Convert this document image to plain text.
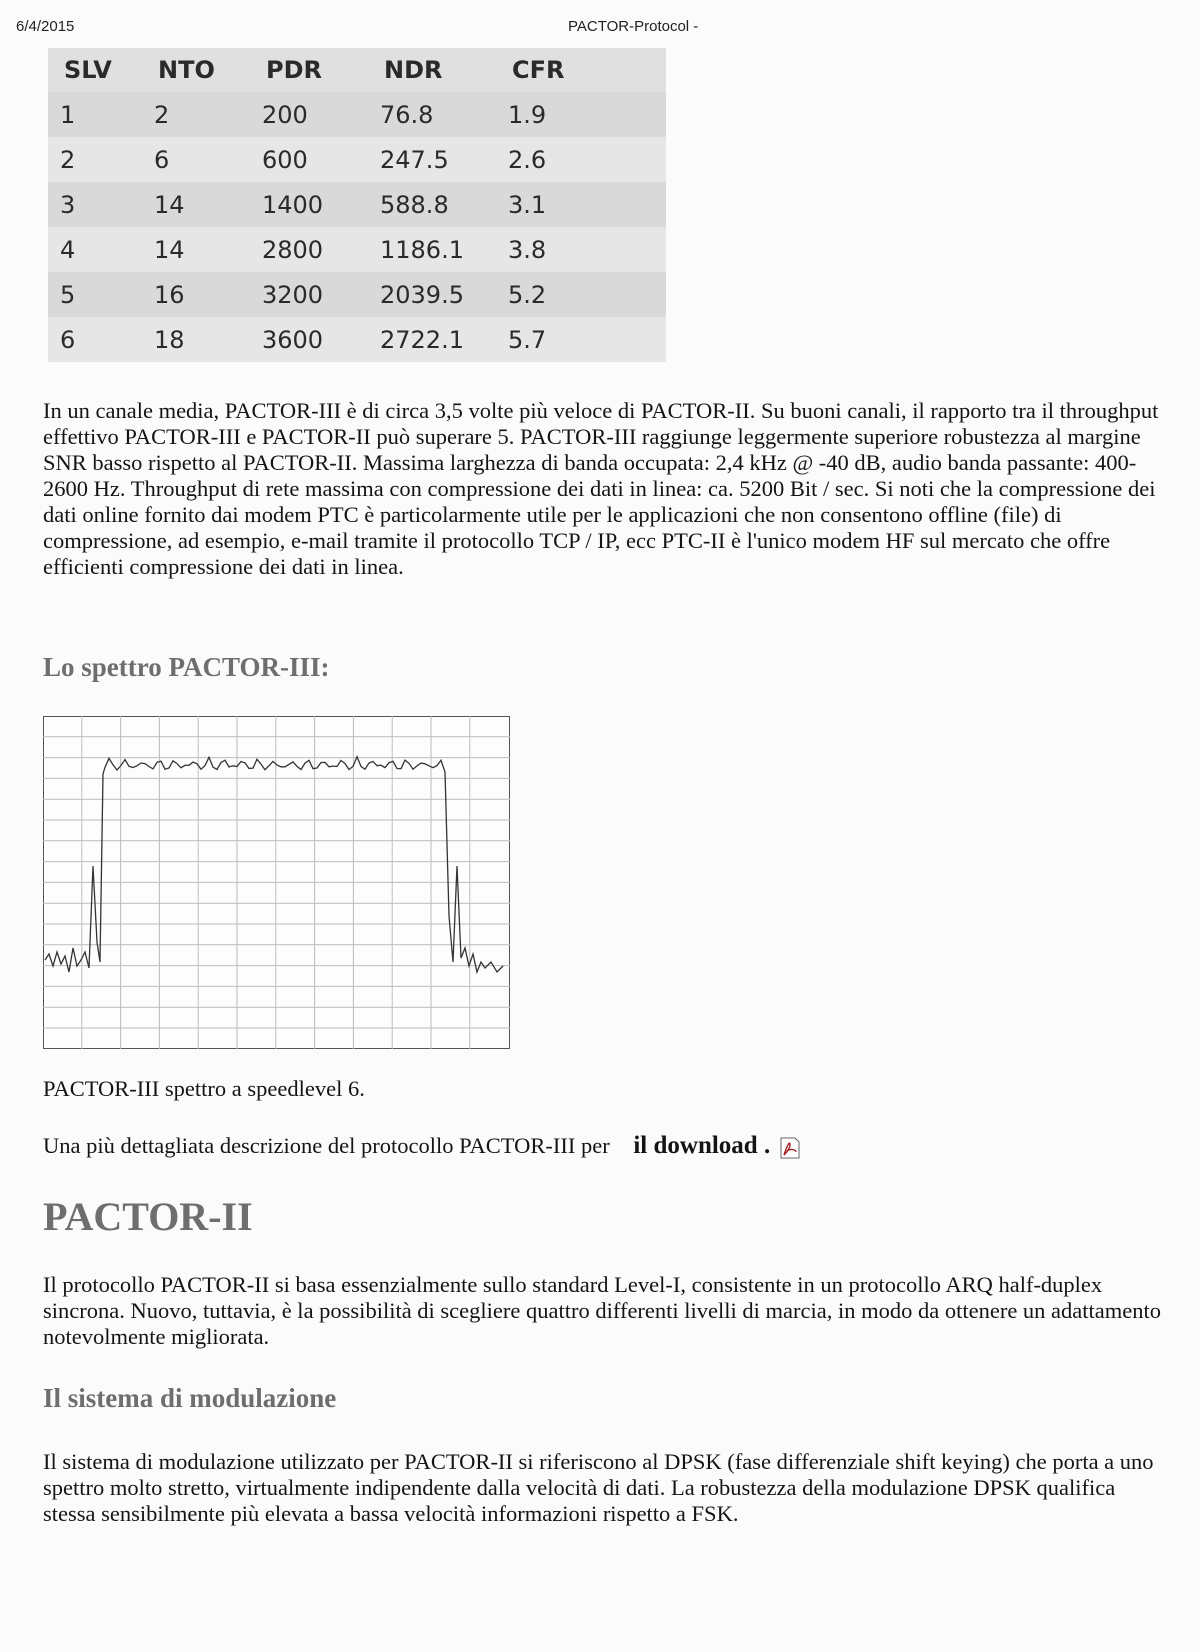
6/4/2015	PACTOR-Protocol -
SLV	NTO	PDR	NDR	CFR
1	2	200	76.8	1.9
2	6	600	247.5	2.6
3	14	1400	588.8	3.1
4	14	2800	1186.1	3.8
5	16	3200	2039.5	5.2
6	18	3600	2722.1	5.7

In un canale media, PACTOR-III è di circa 3,5 volte più veloce di PACTOR-II. Su buoni canali, il rapporto tra il throughput effettivo PACTOR-III e PACTOR-II può superare 5. PACTOR-III raggiunge leggermente superiore robustezza al margine SNR basso rispetto al PACTOR-II. Massima larghezza di banda occupata: 2,4 kHz @ -40 dB, audio banda passante: 400-2600 Hz. Throughput di rete massima con compressione dei dati in linea: ca. 5200 Bit / sec. Si noti che la compressione dei dati online fornito dai modem PTC è particolarmente utile per le applicazioni che non consentono offline (file) di compressione, ad esempio, e-mail tramite il protocollo TCP / IP, ecc PTC-II è l'unico modem HF sul mercato che offre efficienti compressione dei dati in linea.

Lo spettro PACTOR-III:

PACTOR-III spettro a speedlevel 6.

Una più dettagliata descrizione del protocollo PACTOR-III per il download .

PACTOR-II

Il protocollo PACTOR-II si basa essenzialmente sullo standard Level-I, consistente in un protocollo ARQ half-duplex sincrona. Nuovo, tuttavia, è la possibilità di scegliere quattro differenti livelli di marcia, in modo da ottenere un adattamento notevolmente migliorata.

Il sistema di modulazione

Il sistema di modulazione utilizzato per PACTOR-II si riferiscono al DPSK (fase differenziale shift keying) che porta a uno spettro molto stretto, virtualmente indipendente dalla velocità di dati. La robustezza della modulazione DPSK qualifica stessa sensibilmente più elevata a bassa velocità informazioni rispetto a FSK.
